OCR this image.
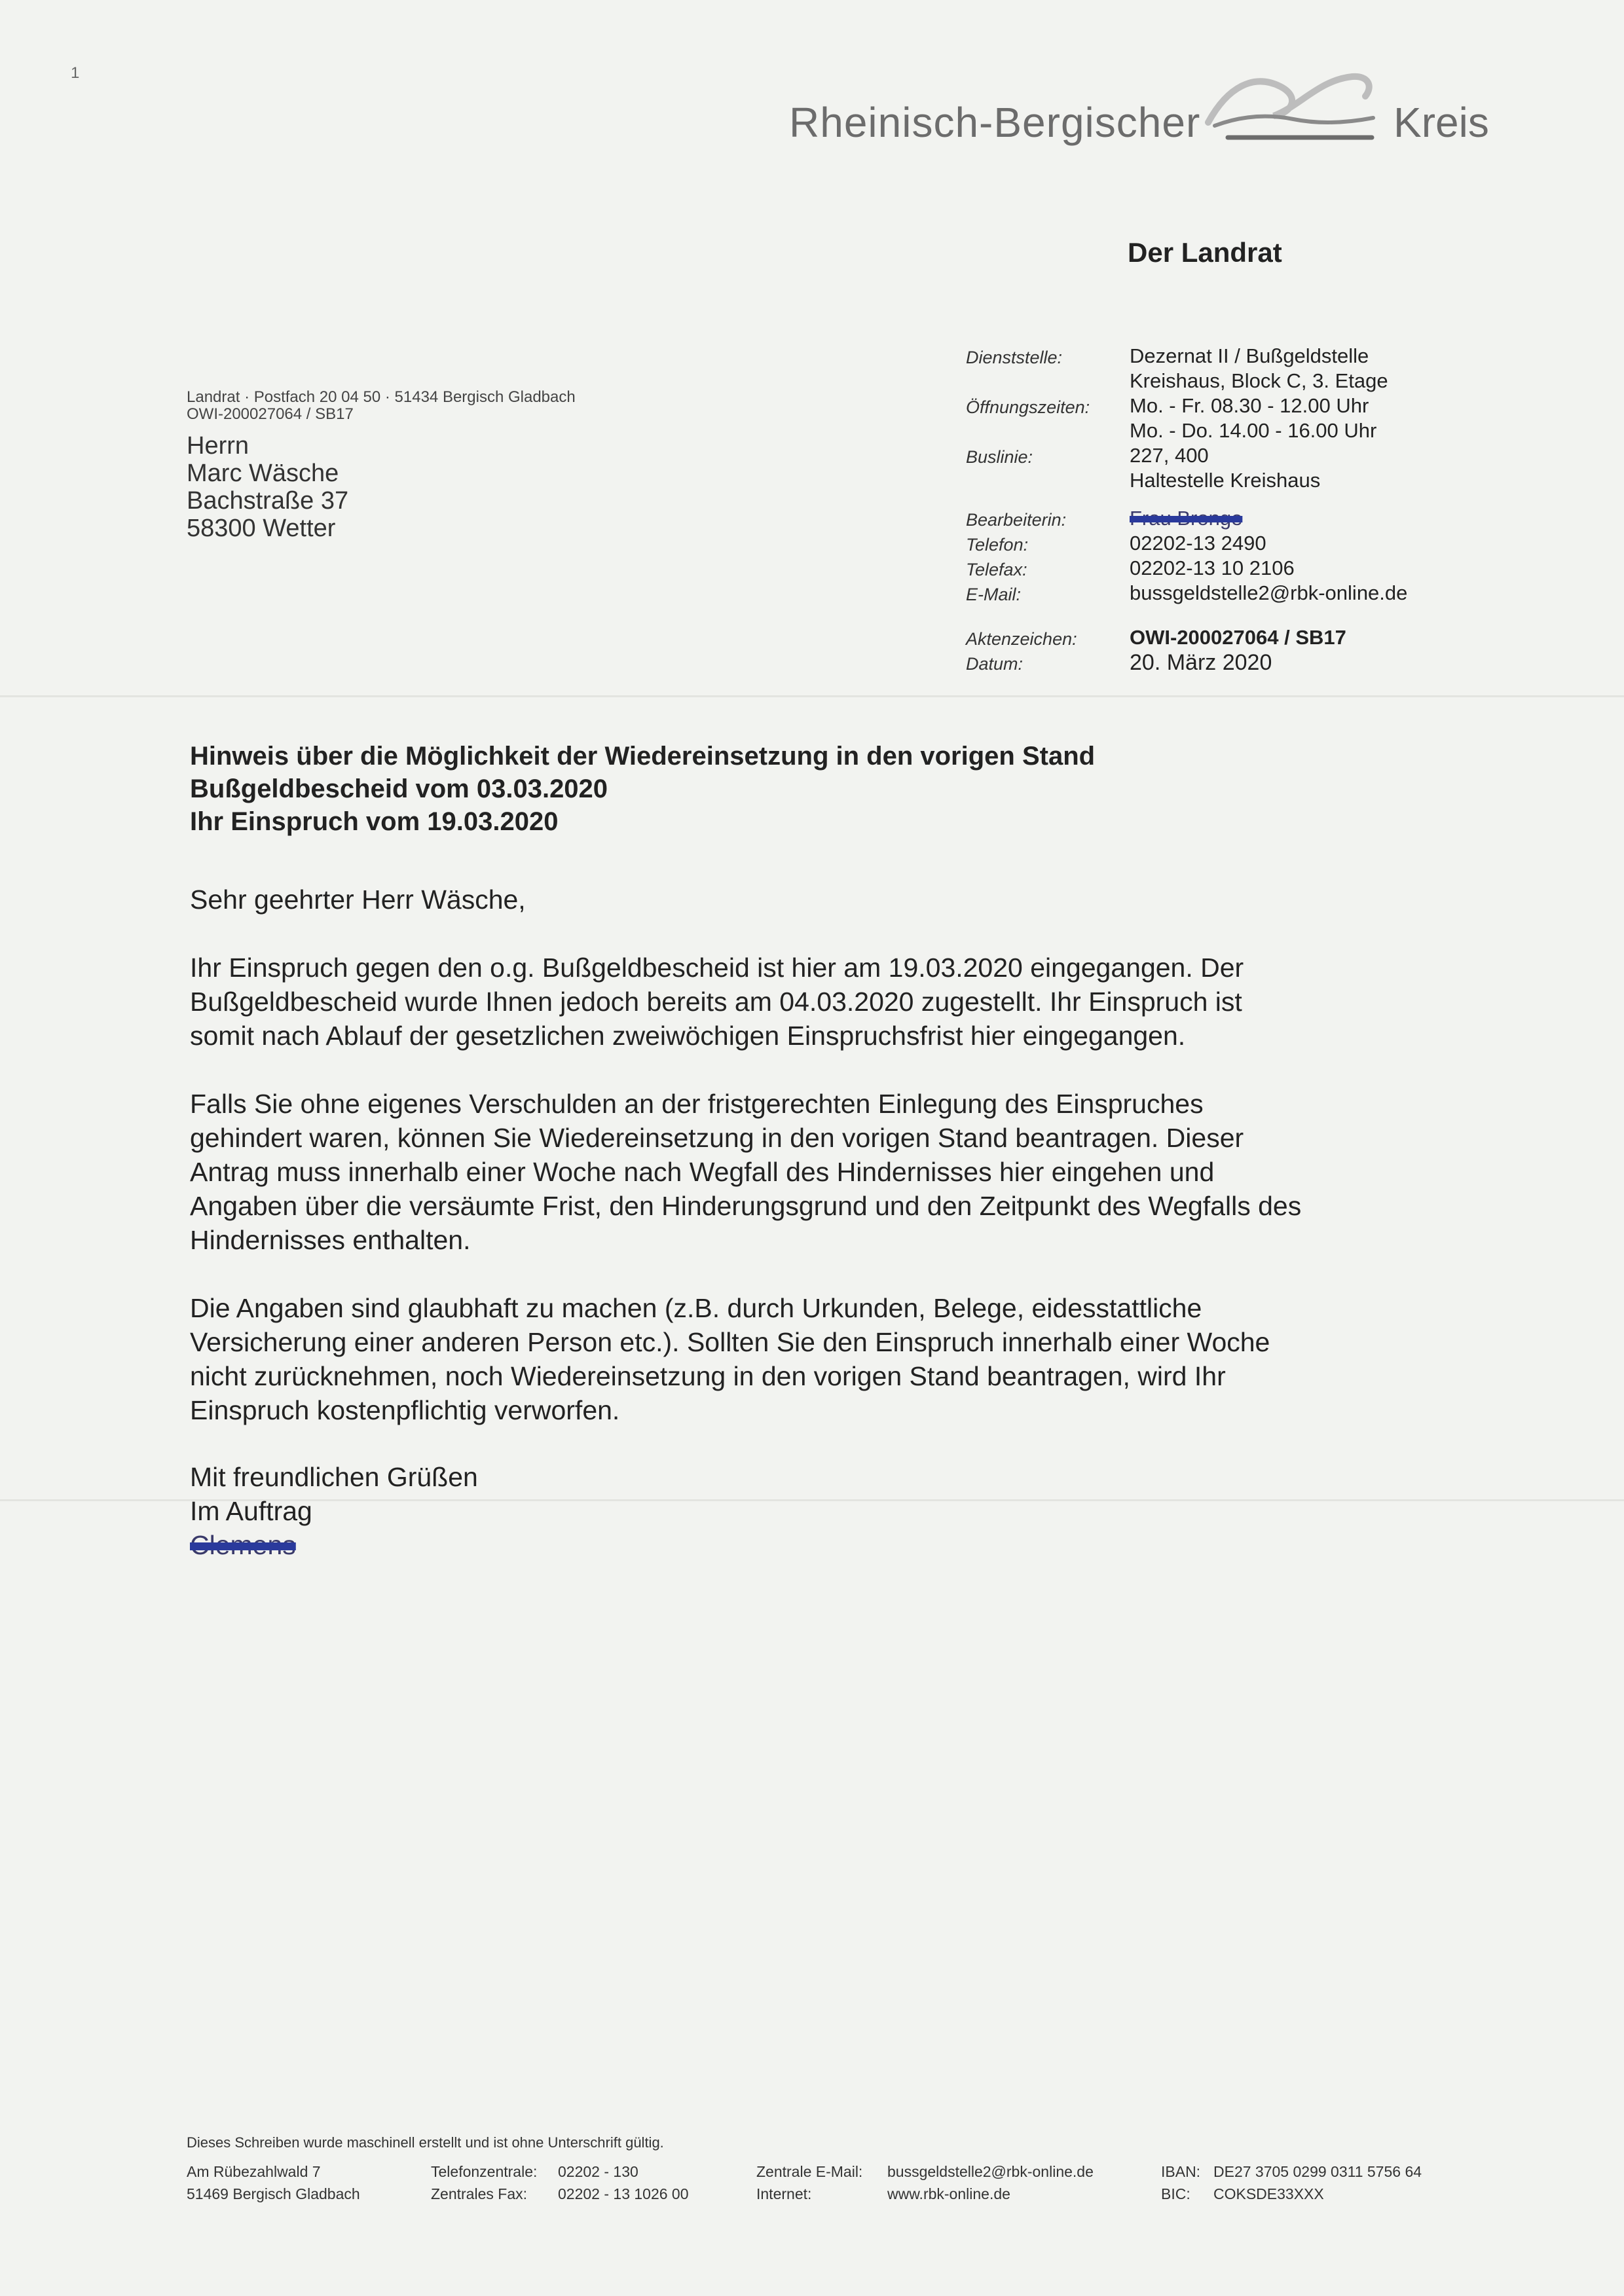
1
Rheinisch-Bergischer	Kreis
Der Landrat
Landrat · Postfach 20 04 50 · 51434 Bergisch Gladbach
OWI-200027064 / SB17
Herrn
Marc Wäsche
Bachstraße 37
58300 Wetter
Dienststelle:	Dezernat II / Bußgeldstelle
Kreishaus, Block C, 3. Etage
Öffnungszeiten:	Mo. - Fr. 08.30 - 12.00 Uhr
Mo. - Do. 14.00 - 16.00 Uhr
Buslinie:	227, 400
Haltestelle Kreishaus
Bearbeiterin:	Frau Bronge
Telefon:	02202-13 2490
Telefax:	02202-13 10 2106
E-Mail:	bussgeldstelle2@rbk-online.de
Aktenzeichen:	OWI-200027064 / SB17
Datum:	20. März 2020
Hinweis über die Möglichkeit der Wiedereinsetzung in den vorigen Stand
Bußgeldbescheid vom 03.03.2020
Ihr Einspruch vom 19.03.2020

Sehr geehrter Herr Wäsche,

Ihr Einspruch gegen den o.g. Bußgeldbescheid ist hier am 19.03.2020 eingegangen. Der
Bußgeldbescheid wurde Ihnen jedoch bereits am 04.03.2020 zugestellt. Ihr Einspruch ist
somit nach Ablauf der gesetzlichen zweiwöchigen Einspruchsfrist hier eingegangen.

Falls Sie ohne eigenes Verschulden an der fristgerechten Einlegung des Einspruches
gehindert waren, können Sie Wiedereinsetzung in den vorigen Stand beantragen. Dieser
Antrag muss innerhalb einer Woche nach Wegfall des Hindernisses hier eingehen und
Angaben über die versäumte Frist, den Hinderungsgrund und den Zeitpunkt des Wegfalls des
Hindernisses enthalten.

Die Angaben sind glaubhaft zu machen (z.B. durch Urkunden, Belege, eidesstattliche
Versicherung einer anderen Person etc.). Sollten Sie den Einspruch innerhalb einer Woche
nicht zurücknehmen, noch Wiedereinsetzung in den vorigen Stand beantragen, wird Ihr
Einspruch kostenpflichtig verworfen.

Mit freundlichen Grüßen
Im Auftrag
Clemens
Dieses Schreiben wurde maschinell erstellt und ist ohne Unterschrift gültig.
Am Rübezahlwald 7
51469 Bergisch Gladbach
Telefonzentrale:	02202 - 130
Zentrales Fax:	02202 - 13 1026 00
Zentrale E-Mail:	bussgeldstelle2@rbk-online.de
Internet:	www.rbk-online.de
IBAN: DE27 3705 0299 0311 5756 64
BIC:	COKSDE33XXX
